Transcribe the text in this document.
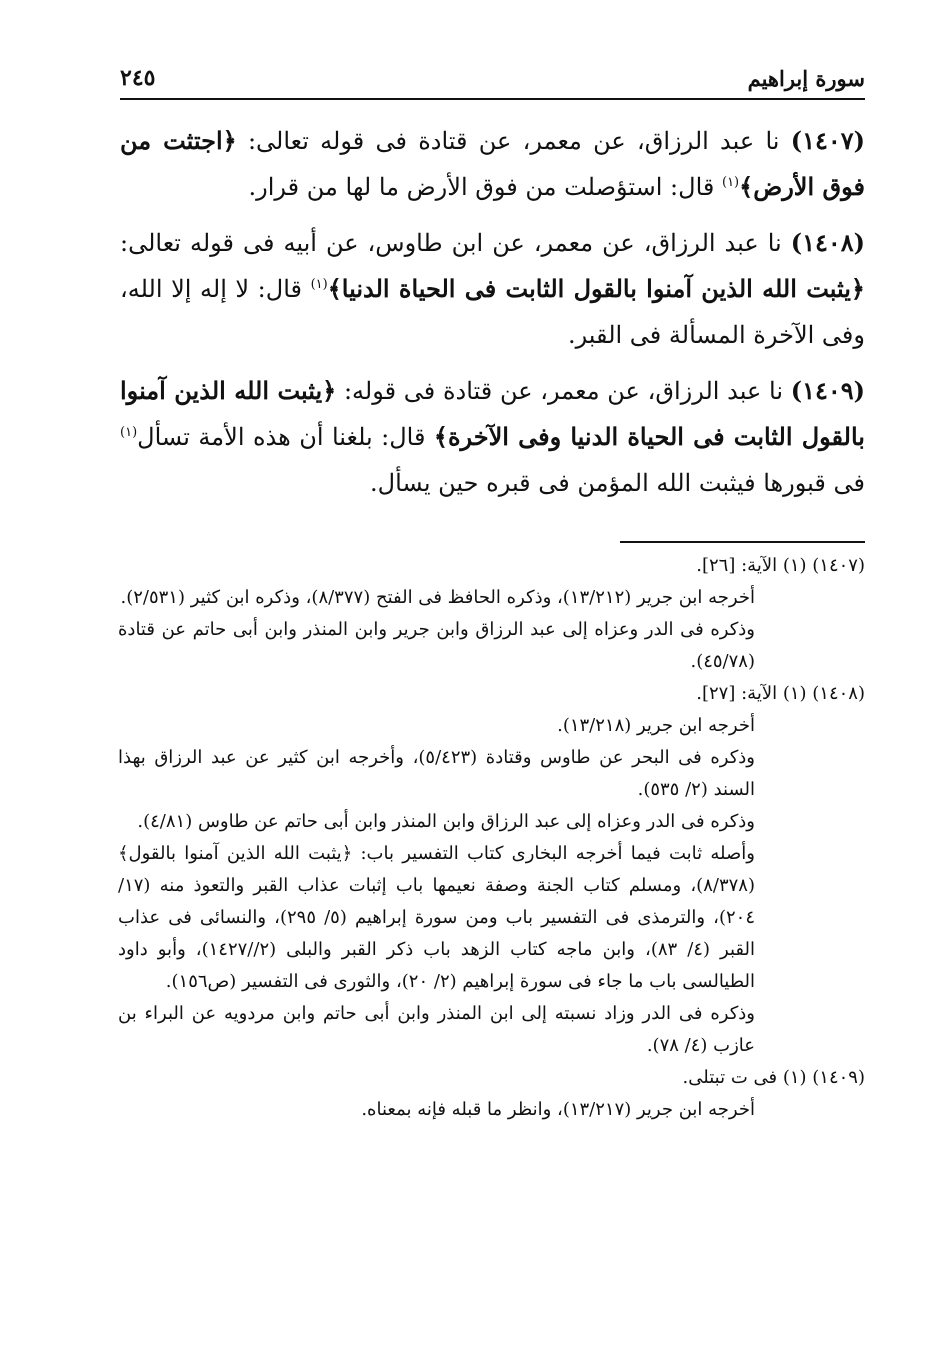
سورة إبراهيم
٢٤٥

(١٤٠٧) نا عبد الرزاق، عن معمر، عن قتادة فى قوله تعالى: ﴿اجتثت من فوق الأرض﴾$^{(١)}$ قال: استؤصلت من فوق الأرض ما لها من قرار.

(١٤٠٨) نا عبد الرزاق، عن معمر، عن ابن طاوس، عن أبيه فى قوله تعالى: ﴿يثبت الله الذين آمنوا بالقول الثابت فى الحياة الدنيا﴾$^{(١)}$ قال: لا إله إلا الله، وفى الآخرة المسألة فى القبر.

(١٤٠٩) نا عبد الرزاق، عن معمر، عن قتادة فى قوله: ﴿يثبت الله الذين آمنوا بالقول الثابت فى الحياة الدنيا وفى الآخرة﴾ قال: بلغنا أن هذه الأمة تسأل$^{(١)}$ فى قبورها فيثبت الله المؤمن فى قبره حين يسأل.

(١٤٠٧) (١) الآية: [٢٦].

أخرجه ابن جرير (١٣/٢١٢)، وذكره الحافظ فى الفتح (٨/٣٧٧)، وذكره ابن كثير (٢/٥٣١).

وذكره فى الدر وعزاه إلى عبد الرزاق وابن جرير وابن المنذر وابن أبى حاتم عن قتادة (٤٥/٧٨).

(١٤٠٨) (١) الآية: [٢٧].

أخرجه ابن جرير (١٣/٢١٨).

وذكره فى البحر عن طاوس وقتادة (٥/٤٢٣)، وأخرجه ابن كثير عن عبد الرزاق بهذا السند (٢/ ٥٣٥).

وذكره فى الدر وعزاه إلى عبد الرزاق وابن المنذر وابن أبى حاتم عن طاوس (٤/٨١).

وأصله ثابت فيما أخرجه البخارى كتاب التفسير باب: ﴿يثبت الله الذين آمنوا بالقول﴾ (٨/٣٧٨)، ومسلم كتاب الجنة وصفة نعيمها باب إثبات عذاب القبر والتعوذ منه (١٧/ ٢٠٤)، والترمذى فى التفسير باب ومن سورة إبراهيم (٥/ ٢٩٥)، والنسائى فى عذاب القبر (٤/ ٨٣)، وابن ماجه كتاب الزهد باب ذكر القبر والبلى (٢//١٤٢٧)، وأبو داود الطيالسى باب ما جاء فى سورة إبراهيم (٢/ ٢٠)، والثورى فى التفسير (ص١٥٦).

وذكره فى الدر وزاد نسبته إلى ابن المنذر وابن أبى حاتم وابن مردويه عن البراء بن عازب (٤/ ٧٨).

(١٤٠٩) (١) فى ت تبتلى.

أخرجه ابن جرير (١٣/٢١٧)، وانظر ما قبله فإنه بمعناه.
